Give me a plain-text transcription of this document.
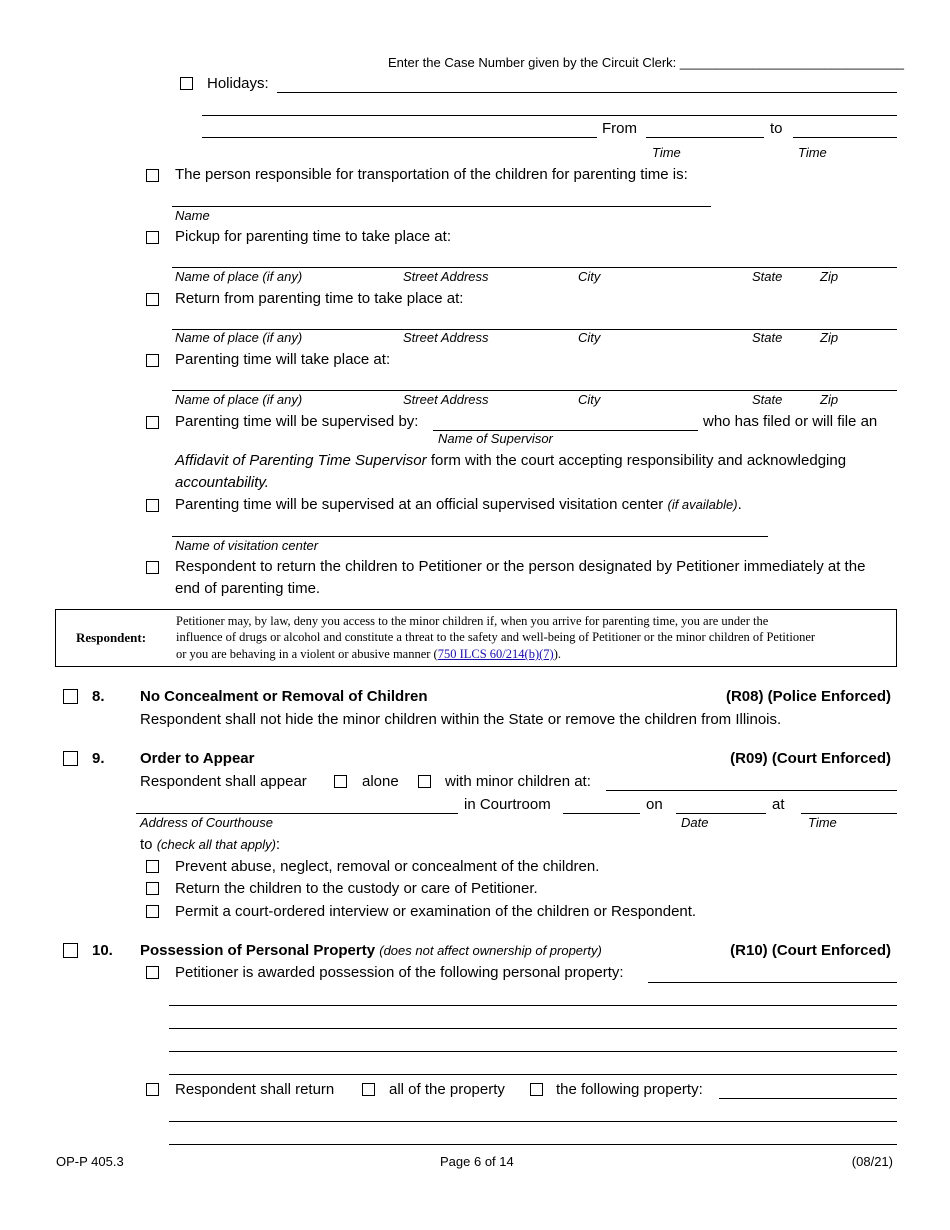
Enter the Case Number given by the Circuit Clerk: _______________________________
Holidays:
From	to
Time	Time
The person responsible for transportation of the children for parenting time is:
Name
Pickup for parenting time to take place at:
Name of place (if any)	Street Address	City	State	Zip
Return from parenting time to take place at:
Name of place (if any)	Street Address	City	State	Zip
Parenting time will take place at:
Name of place (if any)	Street Address	City	State	Zip
Parenting time will be supervised by:	who has filed or will file an
Name of Supervisor
Affidavit of Parenting Time Supervisor form with the court accepting responsibility and acknowledging
accountability.
Parenting time will be supervised at an official supervised visitation center (if available).
Name of visitation center
Respondent to return the children to Petitioner or the person designated by Petitioner immediately at the
end of parenting time.
Respondent:
Petitioner may, by law, deny you access to the minor children if, when you arrive for parenting time, you are under the
influence of drugs or alcohol and constitute a threat to the safety and well-being of Petitioner or the minor children of Petitioner
or you are behaving in a violent or abusive manner (750 ILCS 60/214(b)(7)).
8. No Concealment or Removal of Children	(R08) (Police Enforced)
Respondent shall not hide the minor children within the State or remove the children from Illinois.
9. Order to Appear	(R09) (Court Enforced)
Respondent shall appear	alone	with minor children at:
in Courtroom	on	at
Address of Courthouse	Date	Time
to (check all that apply):
Prevent abuse, neglect, removal or concealment of the children.
Return the children to the custody or care of Petitioner.
Permit a court-ordered interview or examination of the children or Respondent.
10. Possession of Personal Property (does not affect ownership of property)	(R10) (Court Enforced)
Petitioner is awarded possession of the following personal property:
Respondent shall return	all of the property	the following property:
OP-P 405.3	Page 6 of 14	(08/21)
